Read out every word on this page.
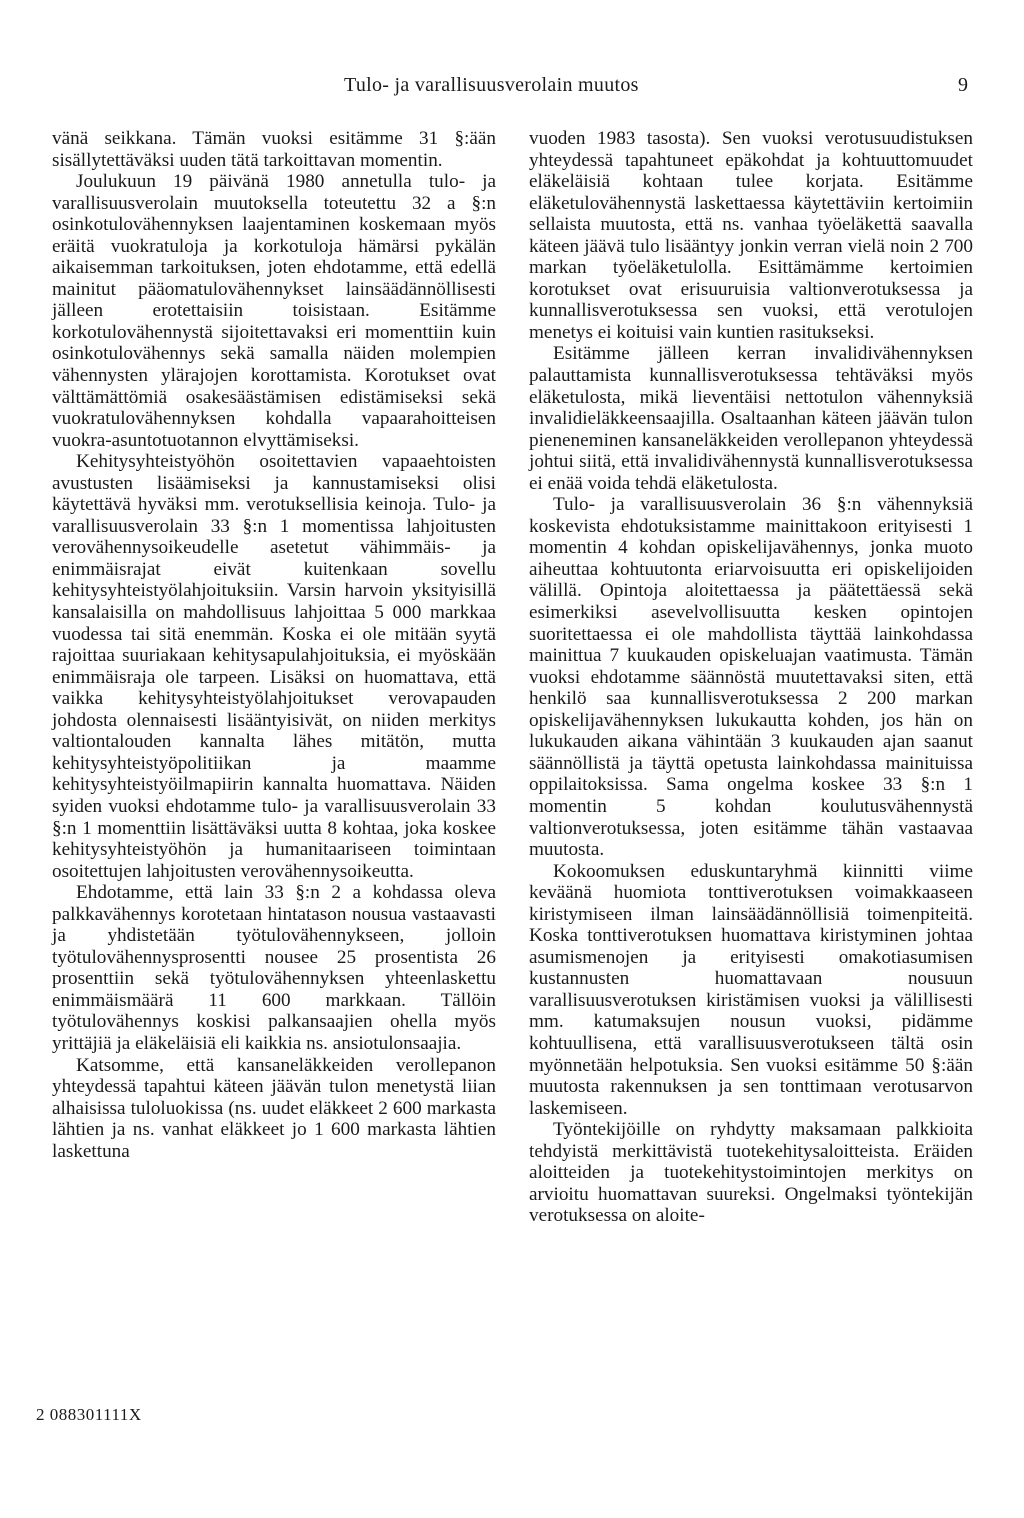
Tulo- ja varallisuusverolain muutos	9

vänä seikkana. Tämän vuoksi esitämme 31 §:ään sisällytettäväksi uuden tätä tarkoittavan momentin.

Joulukuun 19 päivänä 1980 annetulla tulo- ja varallisuusverolain muutoksella toteutettu 32 a §:n osinkotulovähennyksen laajentaminen koskemaan myös eräitä vuokratuloja ja korkotuloja hämärsi pykälän aikaisemman tarkoituksen, joten ehdotamme, että edellä mainitut pääomatulovähennykset lainsäädännöllisesti jälleen erotettaisiin toisistaan. Esitämme korkotulovähennystä sijoitettavaksi eri momenttiin kuin osinkotulovähennys sekä samalla näiden molempien vähennysten ylärajojen korottamista. Korotukset ovat välttämättömiä osakesäästämisen edistämiseksi sekä vuokratulovähennyksen kohdalla vapaarahoitteisen vuokra-asuntotuotannon elvyttämiseksi.

Kehitysyhteistyöhön osoitettavien vapaaehtoisten avustusten lisäämiseksi ja kannustamiseksi olisi käytettävä hyväksi mm. verotuksellisia keinoja. Tulo- ja varallisuusverolain 33 §:n 1 momentissa lahjoitusten verovähennysoikeudelle asetetut vähimmäis- ja enimmäisrajat eivät kuitenkaan sovellu kehitysyhteistyölahjoituksiin. Varsin harvoin yksityisillä kansalaisilla on mahdollisuus lahjoittaa 5 000 markkaa vuodessa tai sitä enemmän. Koska ei ole mitään syytä rajoittaa suuriakaan kehitysapulahjoituksia, ei myöskään enimmäisraja ole tarpeen. Lisäksi on huomattava, että vaikka kehitysyhteistyölahjoitukset verovapauden johdosta olennaisesti lisääntyisivät, on niiden merkitys valtiontalouden kannalta lähes mitätön, mutta kehitysyhteistyöpolitiikan ja maamme kehitysyhteistyöilmapiirin kannalta huomattava. Näiden syiden vuoksi ehdotamme tulo- ja varallisuusverolain 33 §:n 1 momenttiin lisättäväksi uutta 8 kohtaa, joka koskee kehitysyhteistyöhön ja humanitaariseen toimintaan osoitettujen lahjoitusten verovähennysoikeutta.

Ehdotamme, että lain 33 §:n 2 a kohdassa oleva palkkavähennys korotetaan hintatason nousua vastaavasti ja yhdistetään työtulovähennykseen, jolloin työtulovähennysprosentti nousee 25 prosentista 26 prosenttiin sekä työtulovähennyksen yhteenlaskettu enimmäismäärä 11 600 markkaan. Tällöin työtulovähennys koskisi palkansaajien ohella myös yrittäjiä ja eläkeläisiä eli kaikkia ns. ansiotulonsaajia.

Katsomme, että kansaneläkkeiden verollepanon yhteydessä tapahtui käteen jäävän tulon menetystä liian alhaisissa tuloluokissa (ns. uudet eläkkeet 2 600 markasta lähtien ja ns. vanhat eläkkeet jo 1 600 markasta lähtien laskettuna

vuoden 1983 tasosta). Sen vuoksi verotusuudistuksen yhteydessä tapahtuneet epäkohdat ja kohtuuttomuudet eläkeläisiä kohtaan tulee korjata. Esitämme eläketulovähennystä laskettaessa käytettäviin kertoimiin sellaista muutosta, että ns. vanhaa työeläkettä saavalla käteen jäävä tulo lisääntyy jonkin verran vielä noin 2 700 markan työeläketulolla. Esittämämme kertoimien korotukset ovat erisuuruisia valtionverotuksessa ja kunnallisverotuksessa sen vuoksi, että verotulojen menetys ei koituisi vain kuntien rasitukseksi.

Esitämme jälleen kerran invalidivähennyksen palauttamista kunnallisverotuksessa tehtäväksi myös eläketulosta, mikä lieventäisi nettotulon vähennyksiä invalidieläkkeensaajilla. Osaltaanhan käteen jäävän tulon pieneneminen kansaneläkkeiden verollepanon yhteydessä johtui siitä, että invalidivähennystä kunnallisverotuksessa ei enää voida tehdä eläketulosta.

Tulo- ja varallisuusverolain 36 §:n vähennyksiä koskevista ehdotuksistamme mainittakoon erityisesti 1 momentin 4 kohdan opiskelijavähennys, jonka muoto aiheuttaa kohtuutonta eriarvoisuutta eri opiskelijoiden välillä. Opintoja aloitettaessa ja päätettäessä sekä esimerkiksi asevelvollisuutta kesken opintojen suoritettaessa ei ole mahdollista täyttää lainkohdassa mainittua 7 kuukauden opiskeluajan vaatimusta. Tämän vuoksi ehdotamme säännöstä muutettavaksi siten, että henkilö saa kunnallisverotuksessa 2 200 markan opiskelijavähennyksen lukukautta kohden, jos hän on lukukauden aikana vähintään 3 kuukauden ajan saanut säännöllistä ja täyttä opetusta lainkohdassa mainituissa oppilaitoksissa. Sama ongelma koskee 33 §:n 1 momentin 5 kohdan koulutusvähennystä valtionverotuksessa, joten esitämme tähän vastaavaa muutosta.

Kokoomuksen eduskuntaryhmä kiinnitti viime keväänä huomiota tonttiverotuksen voimakkaaseen kiristymiseen ilman lainsäädännöllisiä toimenpiteitä. Koska tonttiverotuksen huomattava kiristyminen johtaa asumismenojen ja erityisesti omakotiasumisen kustannusten huomattavaan nousuun varallisuusverotuksen kiristämisen vuoksi ja välillisesti mm. katumaksujen nousun vuoksi, pidämme kohtuullisena, että varallisuusverotukseen tältä osin myönnetään helpotuksia. Sen vuoksi esitämme 50 §:ään muutosta rakennuksen ja sen tonttimaan verotusarvon laskemiseen.

Työntekijöille on ryhdytty maksamaan palkkioita tehdyistä merkittävistä tuotekehitysaloitteista. Eräiden aloitteiden ja tuotekehitystoimintojen merkitys on arvioitu huomattavan suureksi. Ongelmaksi työntekijän verotuksessa on aloite-

2 088301111X
